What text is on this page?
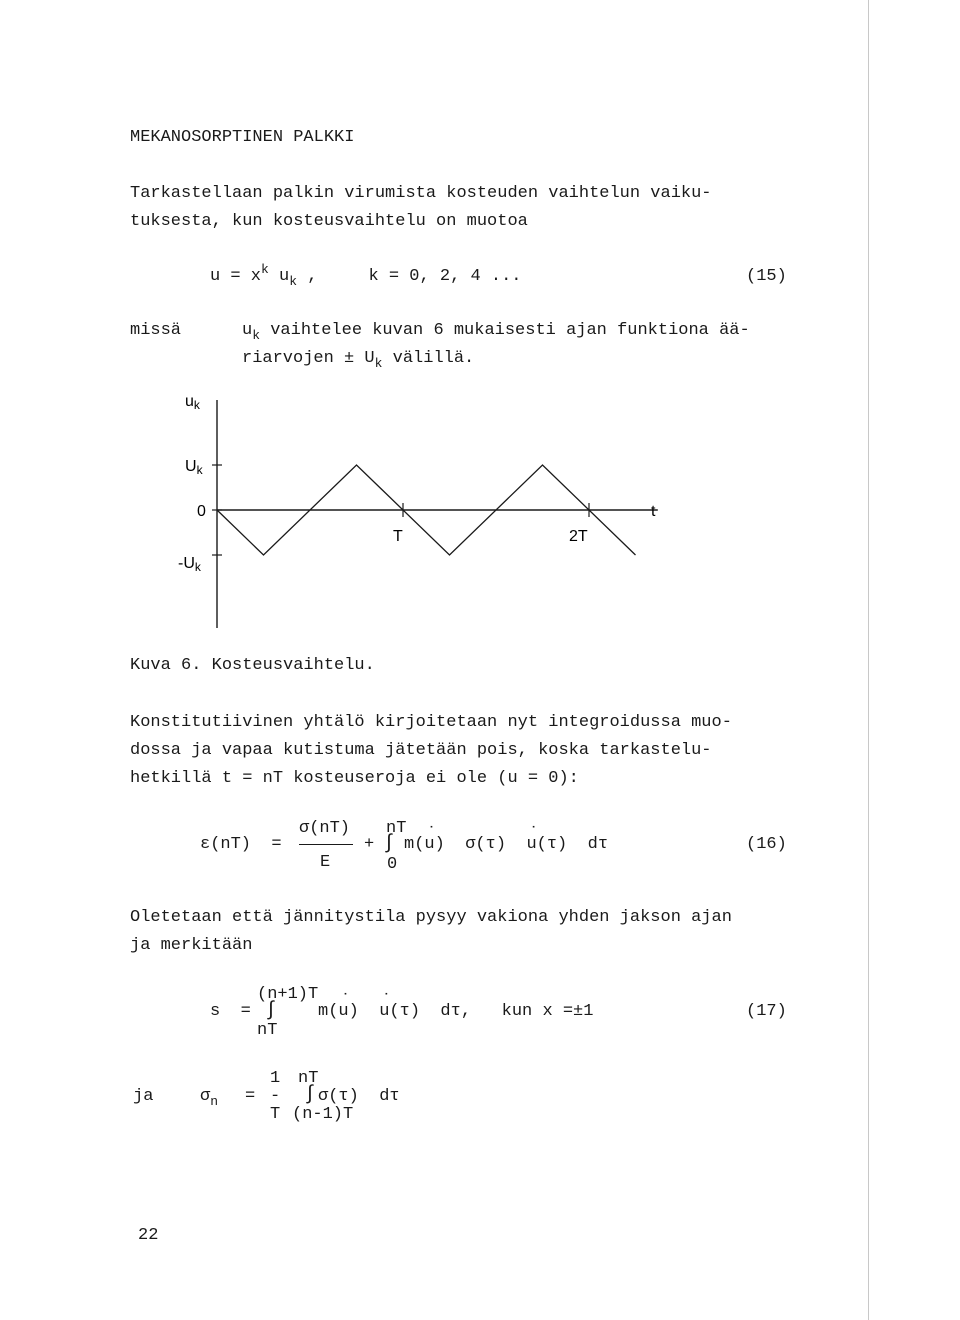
MEKANOSORPTINEN PALKKI
Tarkastellaan palkin virumista kosteuden vaihtelun vaiku-
tuksesta, kun kosteusvaihtelu on muotoa
$u = x^k$ $u_k$ ,     k = 0, 2, 4 ...	(15)
missä	$u_k$ vaihtelee kuvan 6 mukaisesti ajan funktiona ää-
riarvojen ± $U_k$ välillä.
uk
Uk
0
-Uk
T	2T
t
Kuva 6. Kosteusvaihtelu.
Konstitutiivinen yhtälö kirjoitetaan nyt integroidussa muo-
dossa ja vapaa kutistuma jätetään pois, koska tarkastelu-
hetkillä t = nT kosteuseroja ei ole (u = 0):
ε(nT)  =
σ(nT)
E
+
nT
∫
0
m(˙ u)  σ(τ)  ˙ u(τ)  dτ	(16)
Oletetaan että jännitystila pysyy vakiona yhden jakson ajan
ja merkitään
s  =
(n+1)T
∫
nT
m(˙ u)  ˙ u(τ)  dτ,   kun x =±1	(17)
ja	$\sigma_n$ =
1
-
T
nT
∫
(n-1)T
σ(τ)  dτ
22
